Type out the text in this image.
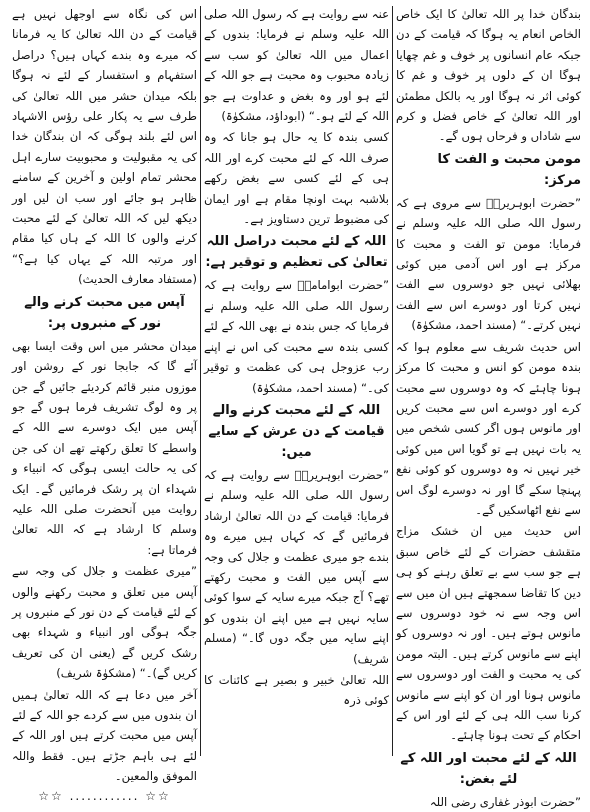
بندگان خدا پر اللہ تعالیٰ کا ایک خاص الخاص انعام یہ ہوگا کہ قیامت کے دن جبکہ عام انسانوں پر خوف و غم چھایا ہوگا ان کے دلوں پر خوف و غم کا کوئی اثر نہ ہوگا اور یہ بالکل مطمئن اور اللہ تعالیٰ کے خاص فضل و کرم سے شاداں و فرحاں ہوں گے۔

مومن محبت و الفت کا مرکز:

”حضرت ابوہریرہؓ سے مروی ہے کہ رسول اللہ صلی اللہ علیہ وسلم نے فرمایا: مومن تو الفت و محبت کا مرکز ہے اور اس آدمی میں کوئی بھلائی نہیں جو دوسروں سے الفت نہیں کرتا اور دوسرے اس سے الفت نہیں کرتے۔“ (مسند احمد، مشکوٰۃ)

اس حدیث شریف سے معلوم ہوا کہ بندہ مومن کو انس و محبت کا مرکز ہونا چاہئے کہ وہ دوسروں سے محبت کرے اور دوسرے اس سے محبت کریں اور مانوس ہوں اگر کسی شخص میں یہ بات نہیں ہے تو گویا اس میں کوئی خیر نہیں نہ وہ دوسروں کو کوئی نفع پہنچا سکے گا اور نہ دوسرے لوگ اس سے نفع اٹھاسکیں گے۔

اس حدیث میں ان خشک مزاج متقشف حضرات کے لئے خاص سبق ہے جو سب سے بے تعلق رہنے کو ہی دین کا تقاضا سمجھتے ہیں ان میں سے اس وجہ سے نہ خود دوسروں سے مانوس ہوتے ہیں۔ اور نہ دوسروں کو اپنے سے مانوس کرتے ہیں۔ البتہ مومن کی یہ محبت و الفت اور دوسروں سے مانوس ہونا اور ان کو اپنے سے مانوس کرنا سب اللہ ہی کے لئے اور اس کے احکام کے تحت ہونا چاہئے۔

اللہ کے لئے محبت اور اللہ کے لئے بغض:

”حضرت ابوذر غفاری رضی اللہ

عنہ سے روایت ہے کہ رسول اللہ صلی اللہ علیہ وسلم نے فرمایا: بندوں کے اعمال میں اللہ تعالیٰ کو سب سے زیادہ محبوب وہ محبت ہے جو اللہ کے لئے ہو اور وہ بغض و عداوت ہے جو اللہ کے لئے ہو۔“ (ابوداؤد، مشکوٰۃ)

کسی بندہ کا یہ حال ہو جانا کہ وہ صرف اللہ کے لئے محبت کرے اور اللہ ہی کے لئے کسی سے بغض رکھے بلاشبہ بہت اونچا مقام ہے اور ایمان کی مضبوط ترین دستاویز ہے۔

اللہ کے لئے محبت دراصل اللہ تعالیٰ کی تعظیم و توقیر ہے:

”حضرت ابوامامہؓ سے روایت ہے کہ رسول اللہ صلی اللہ علیہ وسلم نے فرمایا کہ جس بندہ نے بھی اللہ کے لئے کسی بندہ سے محبت کی اس نے اپنے رب عزوجل ہی کی عظمت و توقیر کی۔“ (مسند احمد، مشکوٰۃ)

اللہ کے لئے محبت کرنے والے قیامت کے دن عرش کے سایے میں:

”حضرت ابوہریرہؓ سے روایت ہے کہ رسول اللہ صلی اللہ علیہ وسلم نے فرمایا: قیامت کے دن اللہ تعالیٰ ارشاد فرمائیں گے کہ کہاں ہیں میرے وہ بندے جو میری عظمت و جلال کی وجہ سے آپس میں الفت و محبت رکھتے تھے؟ آج جبکہ میرے سایہ کے سوا کوئی سایہ نہیں ہے میں اپنے ان بندوں کو اپنے سایہ میں جگہ دوں گا۔“ (مسلم شریف)

اللہ تعالیٰ خبیر و بصیر ہے کائنات کا کوئی ذرہ

اس کی نگاہ سے اوجھل نہیں ہے قیامت کے دن اللہ تعالیٰ کا یہ فرمانا کہ میرے وہ بندے کہاں ہیں؟ دراصل استفہام و استفسار کے لئے نہ ہوگا بلکہ میدان حشر میں اللہ تعالیٰ کی طرف سے یہ پکار علی رؤس الاشہاد اس لئے بلند ہوگی کہ ان بندگان خدا کی یہ مقبولیت و محبوبیت سارے اہل محشر تمام اولین و آخرین کے سامنے ظاہر ہو جائے اور سب ان لیں اور دیکھ لیں کہ اللہ تعالیٰ کے لئے محبت کرنے والوں کا اللہ کے ہاں کیا مقام اور مرتبہ اللہ کے یہاں کیا ہے؟“ (مستفاد معارف الحدیث)

آپس میں محبت کرنے والے نور کے منبروں پر:

میدان محشر میں اس وقت ایسا بھی آئے گا کہ جابجا نور کے روشن اور موزوں منبر قائم کردیئے جائیں گے جن پر وہ لوگ تشریف فرما ہوں گے جو آپس میں ایک دوسرے سے اللہ کے واسطے کا تعلق رکھتے تھے ان کی جن کی یہ حالت ایسی ہوگی کہ انبیاء و شہداء ان پر رشک فرمائیں گے۔ ایک روایت میں آنحضرت صلی اللہ علیہ وسلم کا ارشاد ہے کہ اللہ تعالیٰ فرماتا ہے:

”میری عظمت و جلال کی وجہ سے آپس میں تعلق و محبت رکھنے والوں کے لئے قیامت کے دن نور کے منبروں پر جگہ ہوگی اور انبیاء و شہداء بھی رشک کریں گے (یعنی ان کی تعریف کریں گے)۔“ (مشکوٰۃ شریف)

آخر میں دعا ہے کہ اللہ تعالیٰ ہمیں ان بندوں میں سے کردے جو اللہ کے لئے آپس میں محبت کرتے ہیں اور اللہ کے لئے ہی باہم جڑتے ہیں۔ فقط واللہ الموفق والمعین۔

☆☆ ............ ☆☆
